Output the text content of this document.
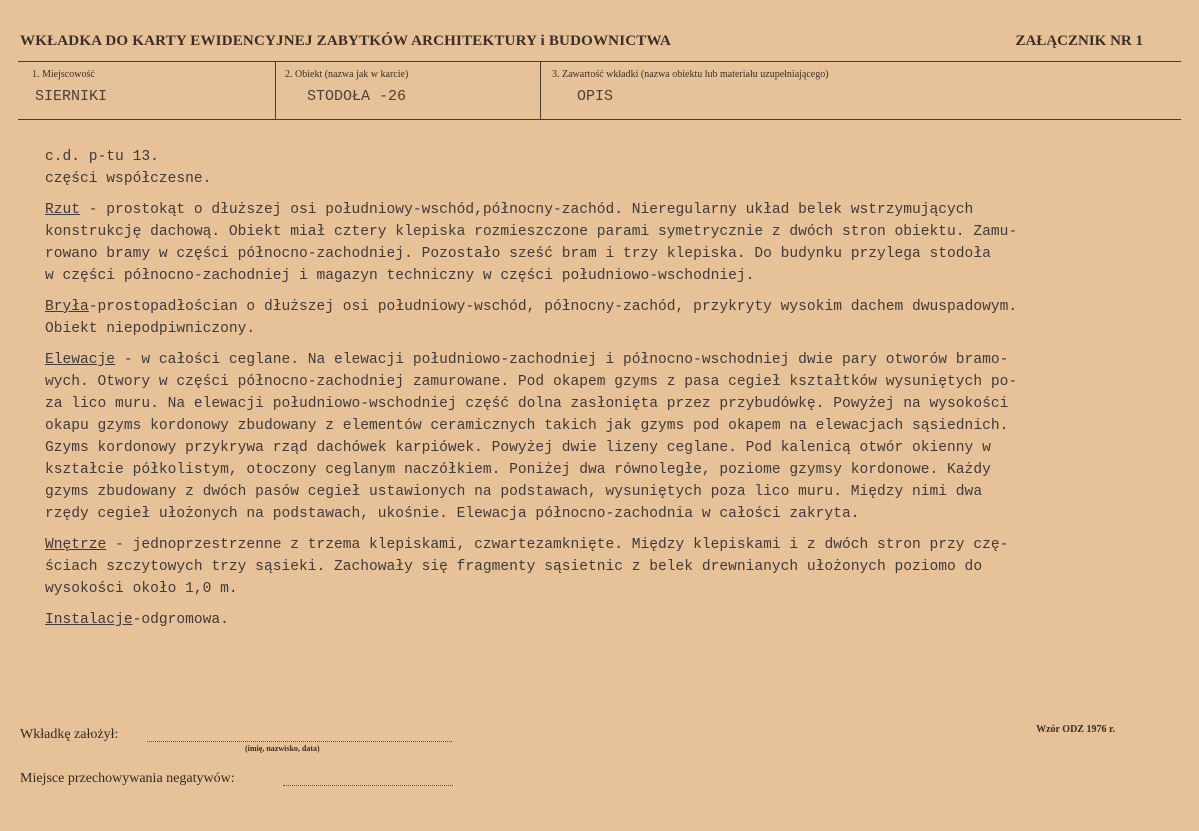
WKŁADKA DO KARTY EWIDENCYJNEJ ZABYTKÓW ARCHITEKTURY i BUDOWNICTWA	ZAŁĄCZNIK NR 1
1. Miejscowość
SIERNIKI
2. Obiekt (nazwa jak w karcie)
STODOŁA -26
3. Zawartość wkładki (nazwa obiektu lub materiału uzupełniającego)
OPIS

c.d. p-tu 13.

części współczesne.

Rzut - prostokąt o dłuższej osi południowy-wschód,północny-zachód. Nieregularny układ belek wstrzymujących

konstrukcję dachową. Obiekt miał cztery klepiska rozmieszczone parami symetrycznie z dwóch stron obiektu. Zamu-

rowano bramy w części północno-zachodniej. Pozostało sześć bram i trzy klepiska. Do budynku przylega stodoła

w części północno-zachodniej i magazyn techniczny w części południowo-wschodniej.

Bryła-prostopadłościan o dłuższej osi południowy-wschód, północny-zachód, przykryty wysokim dachem dwuspadowym.

Obiekt niepodpiwniczony.

Elewacje - w całości ceglane. Na elewacji południowo-zachodniej i północno-wschodniej dwie pary otworów bramo-

wych. Otwory w części północno-zachodniej zamurowane. Pod okapem gzyms z pasa cegieł kształtków wysuniętych po-

za lico muru. Na elewacji południowo-wschodniej część dolna zasłonięta przez przybudówkę. Powyżej na wysokości

okapu gzyms kordonowy zbudowany z elementów ceramicznych takich jak gzyms pod okapem na elewacjach sąsiednich.

Gzyms kordonowy przykrywa rząd dachówek karpiówek. Powyżej dwie lizeny ceglane. Pod kalenicą otwór okienny w

kształcie półkolistym, otoczony ceglanym naczółkiem. Poniżej dwa równoległe, poziome gzymsy kordonowe. Każdy

gzyms zbudowany z dwóch pasów cegieł ustawionych na podstawach, wysuniętych poza lico muru. Między nimi dwa

rzędy cegieł ułożonych na podstawach, ukośnie. Elewacja północno-zachodnia w całości zakryta.

Wnętrze - jednoprzestrzenne z trzema klepiskami, czwartezamknięte. Między klepiskami i z dwóch stron przy czę-

ściach szczytowych trzy sąsieki. Zachowały się fragmenty sąsietnic z belek drewnianych ułożonych poziomo do

wysokości około 1,0 m.

Instalacje-odgromowa.

Wkładkę założył:
(imię, nazwisko, data)
Miejsce przechowywania negatywów:
Wzór ODZ 1976 r.
